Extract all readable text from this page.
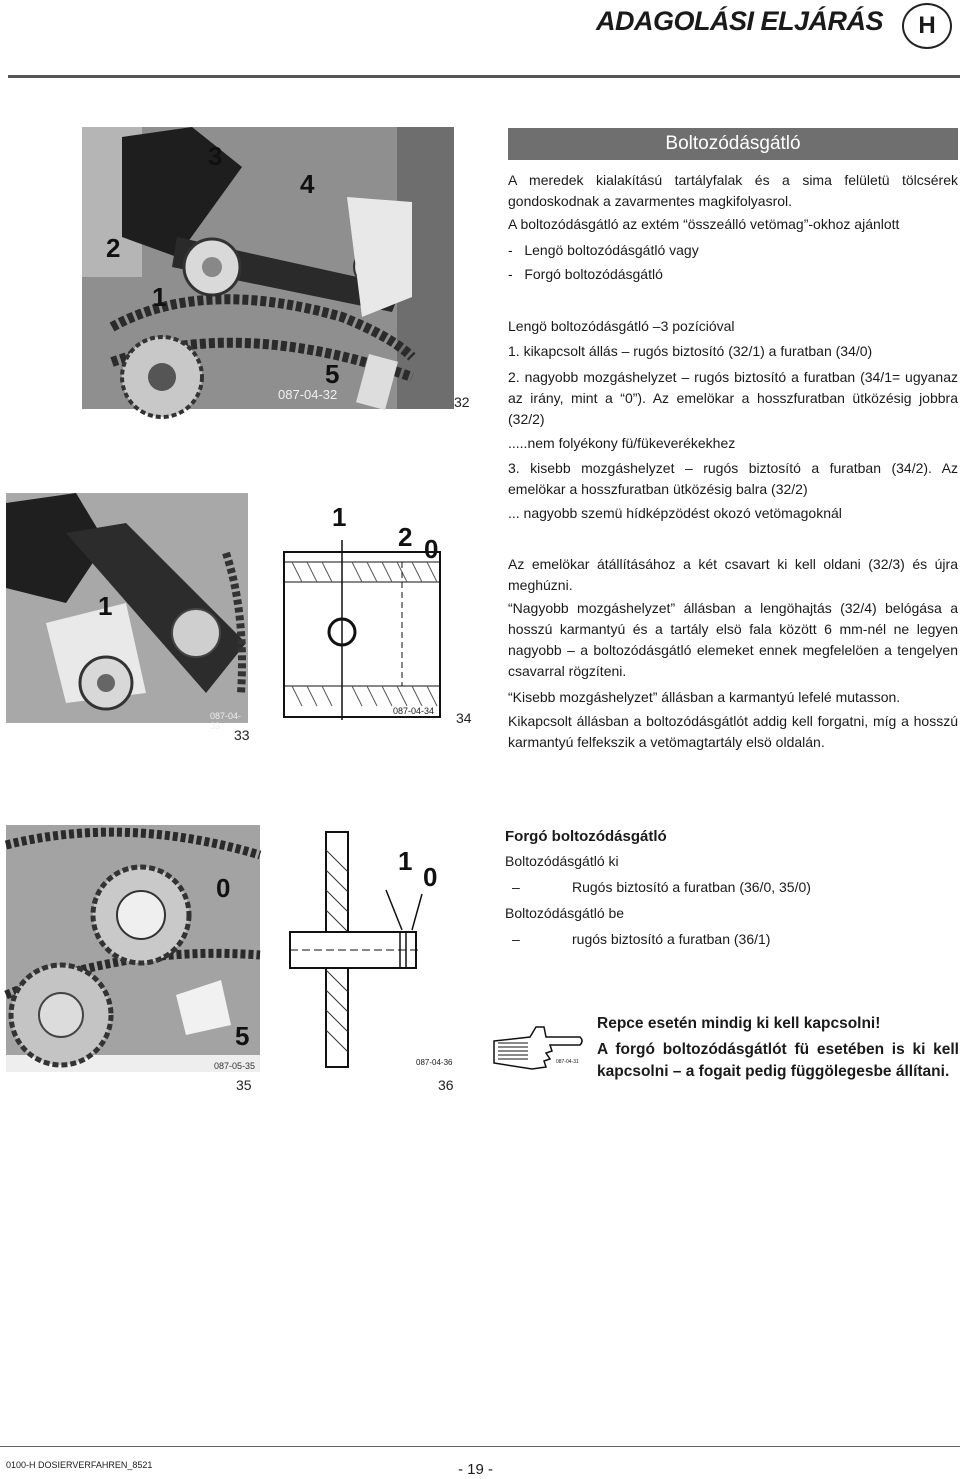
ADAGOLÁSI ELJÁRÁS	H
3
4
2
1
5
087-04-32	32
Boltozódásgátló
A meredek kialakítású tartályfalak és a sima felületü tölcsérek gondoskodnak a zavarmentes magkifolyasrol.
A boltozódásgátló az extém “összeálló vetömag”-okhoz ajánlott
-   Lengö boltozódásgátló vagy
-   Forgó boltozódásgátló
Lengö boltozódásgátló –3 pozícióval
1. kikapcsolt állás – rugós biztosító (32/1) a furatban (34/0)
2. nagyobb mozgáshelyzet – rugós biztosító a furatban (34/1= ugyanaz az irány, mint a “0”). Az emelökar a hosszfuratban ütközésig jobbra (32/2)
.....nem folyékony fü/fükeverékekhez
3. kisebb mozgáshelyzet – rugós biztosító a furatban (34/2). Az emelökar a hosszfuratban ütközésig balra (32/2)
... nagyobb szemü hídképzödést okozó vetömagoknál
1
087-04-33
33
1
2 0
087-04-34 34
Az emelökar átállításához a két csavart ki kell oldani (32/3) és újra meghúzni.
“Nagyobb mozgáshelyzet” állásban a lengöhajtás (32/4) belógása a hosszú karmantyú és a tartály elsö fala között 6 mm-nél ne legyen nagyobb – a boltozódásgátló elemeket ennek megfelelöen a tengelyen csavarral rögzíteni.
“Kisebb mozgáshelyzet” állásban a karmantyú lefelé mutasson.
Kikapcsolt állásban a boltozódásgátlót addig kell forgatni, míg a hosszú karmantyú felfekszik a vetömagtartály elsö oldalán.
0
5
087-05-35
35
1
0
087-04-36
36
Forgó boltozódásgátló
Boltozódásgátló ki
–	Rugós biztosító a furatban (36/0, 35/0)
Boltozódásgátló be
–	rugós biztosító a furatban (36/1)
087-04-31
Repce esetén mindig ki kell kapcsolni!
A forgó boltozódásgátlót fü esetében is ki kell kapcsolni – a fogait pedig függölegesbe állítani.
0100-H DOSIERVERFAHREN_8521	- 19 -
